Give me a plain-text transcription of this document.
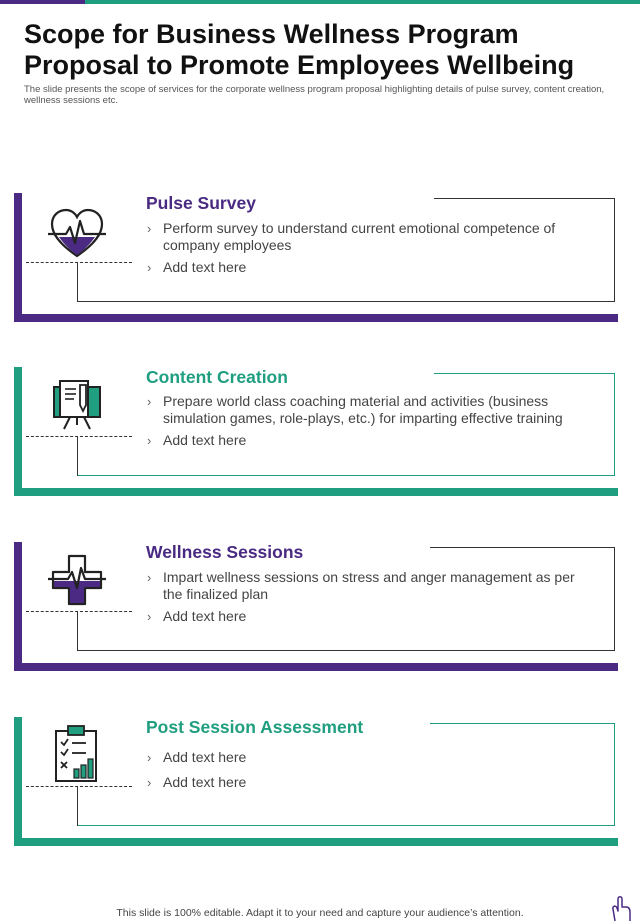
Scope for Business Wellness Program
Proposal to Promote Employees Wellbeing
The slide presents the scope of services for the corporate wellness program proposal highlighting details of pulse survey, content creation, wellness sessions etc.
Pulse Survey
› Perform survey to understand current emotional competence of company employees
› Add text here
Content Creation
› Prepare world class coaching material and activities (business simulation games, role-plays, etc.) for imparting effective training
› Add text here
Wellness Sessions
› Impart wellness sessions on stress and anger management as per the finalized plan
› Add text here
Post Session Assessment
› Add text here
› Add text here
This slide is 100% editable. Adapt it to your need and capture your audience’s attention.
